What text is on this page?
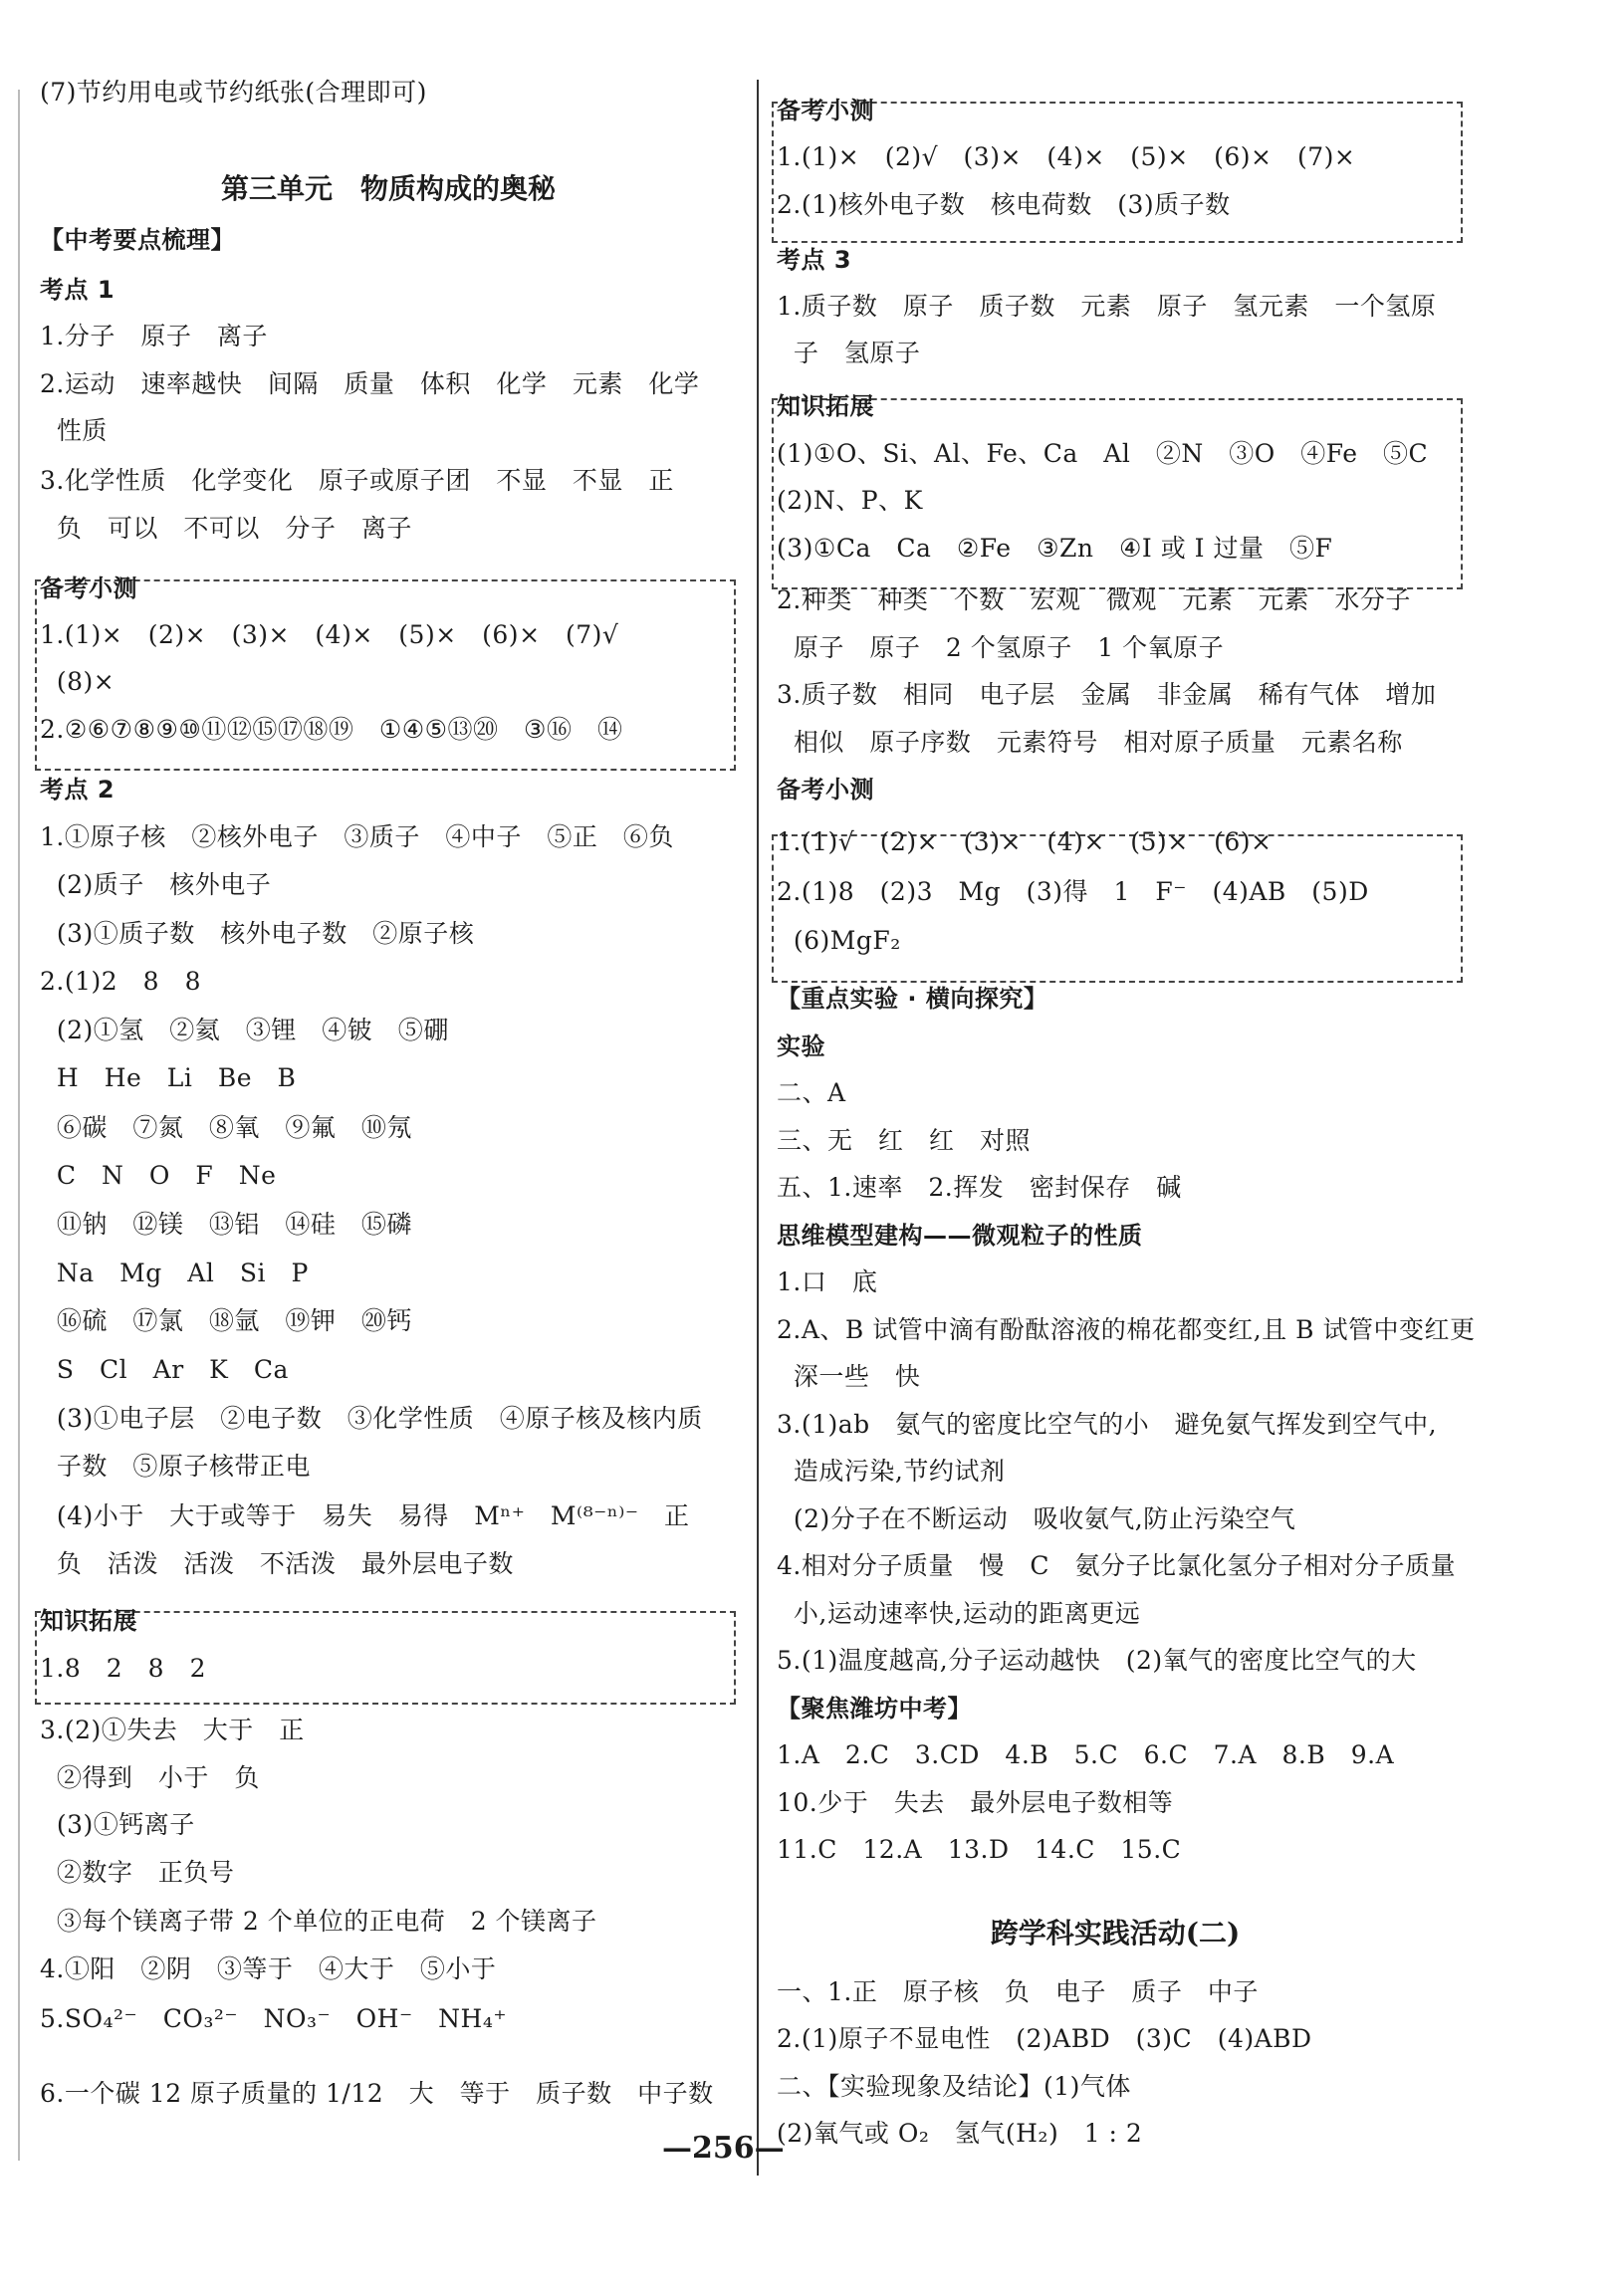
第三单元　物质构成的奥秘
(7)节约用电或节约纸张(合理即可)
【中考要点梳理】
考点 1
1.分子　原子　离子
2.运动　速率越快　间隔　质量　体积　化学　元素　化学
性质
3.化学性质　化学变化　原子或原子团　不显　不显　正
负　可以　不可以　分子　离子
备考小测
1.(1)×　(2)×　(3)×　(4)×　(5)×　(6)×　(7)√
(8)×
2.②⑥⑦⑧⑨⑩⑪⑫⑮⑰⑱⑲　①④⑤⑬⑳　③⑯　⑭
考点 2
1.①原子核　②核外电子　③质子　④中子　⑤正　⑥负
(2)质子　核外电子
(3)①质子数　核外电子数　②原子核
2.(1)2　8　8
(2)①氢　②氦　③锂　④铍　⑤硼
H　He　Li　Be　B
⑥碳　⑦氮　⑧氧　⑨氟　⑩氖
C　N　O　F　Ne
⑪钠　⑫镁　⑬铝　⑭硅　⑮磷
Na　Mg　Al　Si　P
⑯硫　⑰氯　⑱氩　⑲钾　⑳钙
S　Cl　Ar　K　Ca
(3)①电子层　②电子数　③化学性质　④原子核及核内质
子数　⑤原子核带正电
(4)小于　大于或等于　易失　易得　Mⁿ⁺　M⁽⁸⁻ⁿ⁾⁻　正
负　活泼　活泼　不活泼　最外层电子数
知识拓展
1.8　2　8　2
3.(2)①失去　大于　正
②得到　小于　负
(3)①钙离子
②数字　正负号
③每个镁离子带 2 个单位的正电荷　2 个镁离子
4.①阳　②阴　③等于　④大于　⑤小于
5.SO₄²⁻　CO₃²⁻　NO₃⁻　OH⁻　NH₄⁺
6.一个碳 12 原子质量的 1/12　大　等于　质子数　中子数
跨学科实践活动(二)
备考小测
1.(1)×　(2)√　(3)×　(4)×　(5)×　(6)×　(7)×
2.(1)核外电子数　核电荷数　(3)质子数
考点 3
1.质子数　原子　质子数　元素　原子　氢元素　一个氢原
子　氢原子
知识拓展
(1)①O、Si、Al、Fe、Ca　Al　②N　③O　④Fe　⑤C
(2)N、P、K
(3)①Ca　Ca　②Fe　③Zn　④I 或 I 过量　⑤F
2.种类　种类　个数　宏观　微观　元素　元素　水分子
原子　原子　2 个氢原子　1 个氧原子
3.质子数　相同　电子层　金属　非金属　稀有气体　增加
相似　原子序数　元素符号　相对原子质量　元素名称
备考小测
1.(1)√　(2)×　(3)×　(4)×　(5)×　(6)×
2.(1)8　(2)3　Mg　(3)得　1　F⁻　(4)AB　(5)D
(6)MgF₂
【重点实验 · 横向探究】
实验
二、A
三、无　红　红　对照
五、1.速率　2.挥发　密封保存　碱
思维模型建构——微观粒子的性质
1.口　底
2.A、B 试管中滴有酚酞溶液的棉花都变红,且 B 试管中变红更
深一些　快
3.(1)ab　氨气的密度比空气的小　避免氨气挥发到空气中,
造成污染,节约试剂
(2)分子在不断运动　吸收氨气,防止污染空气
4.相对分子质量　慢　C　氨分子比氯化氢分子相对分子质量
小,运动速率快,运动的距离更远
5.(1)温度越高,分子运动越快　(2)氧气的密度比空气的大
【聚焦潍坊中考】
1.A　2.C　3.CD　4.B　5.C　6.C　7.A　8.B　9.A
10.少于　失去　最外层电子数相等
11.C　12.A　13.D　14.C　15.C
一、1.正　原子核　负　电子　质子　中子
2.(1)原子不显电性　(2)ABD　(3)C　(4)ABD
二、【实验现象及结论】(1)气体
(2)氧气或 O₂　氢气(H₂)　1 : 2
—256—
